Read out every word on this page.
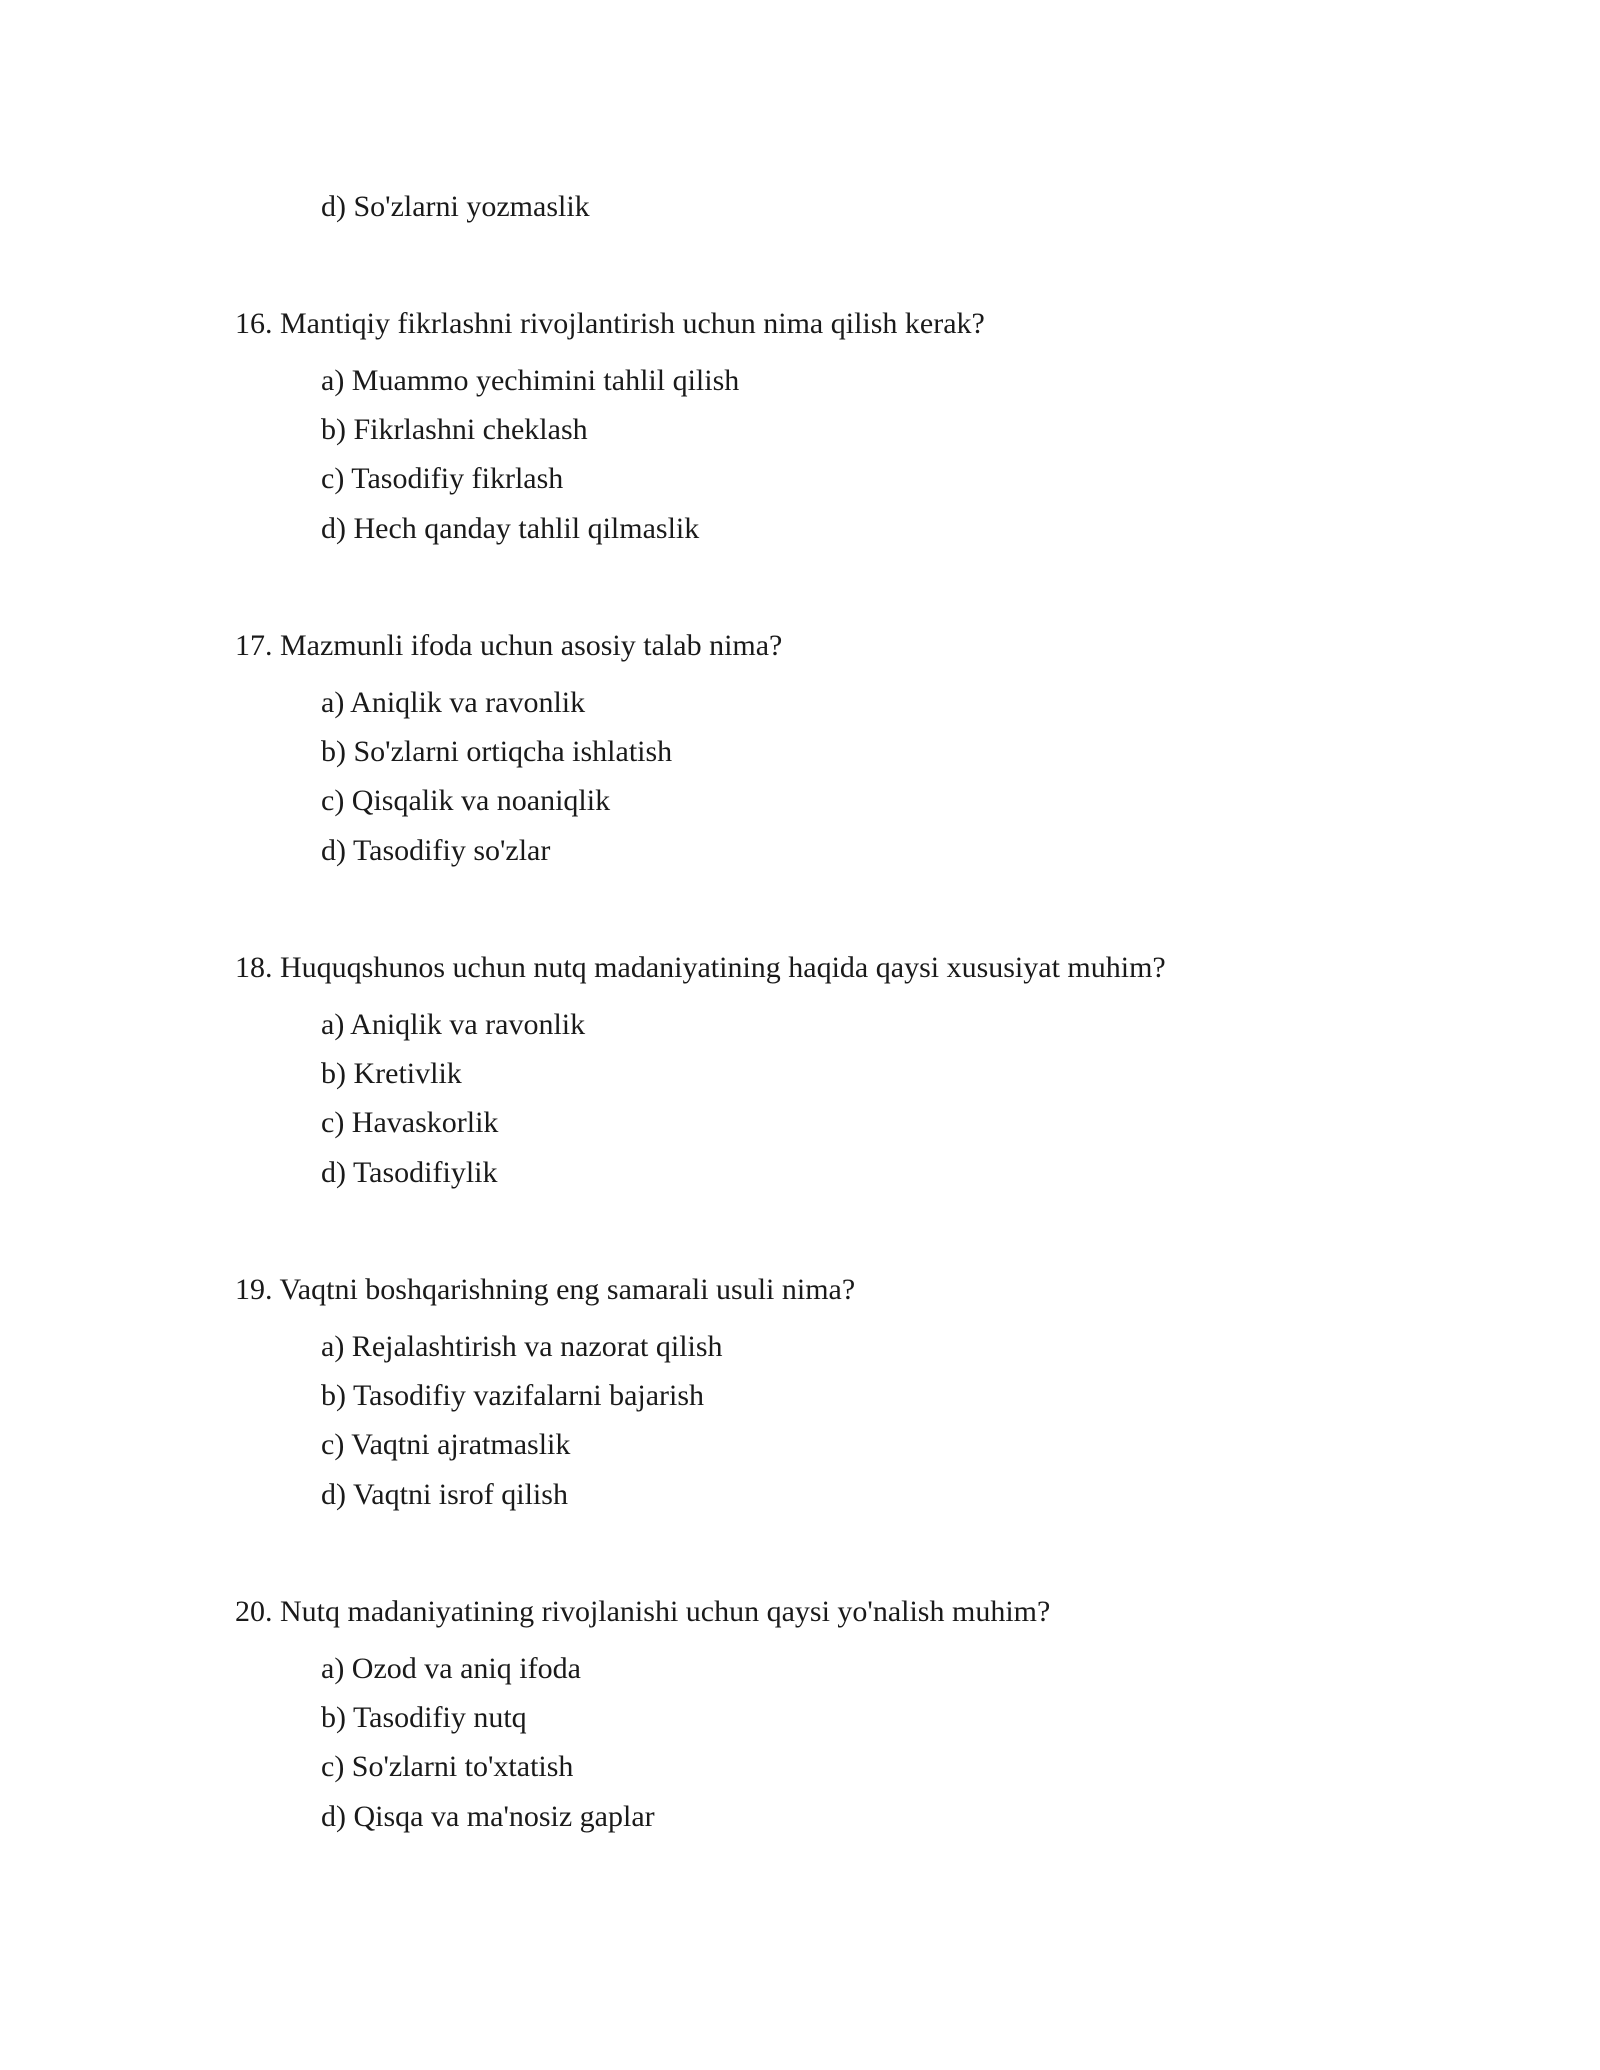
d) So'zlarni yozmaslik
16. Mantiqiy fikrlashni rivojlantirish uchun nima qilish kerak?
a) Muammo yechimini tahlil qilish
b) Fikrlashni cheklash
c) Tasodifiy fikrlash
d) Hech qanday tahlil qilmaslik
17. Mazmunli ifoda uchun asosiy talab nima?
a) Aniqlik va ravonlik
b) So'zlarni ortiqcha ishlatish
c) Qisqalik va noaniqlik
d) Tasodifiy so'zlar
18. Huquqshunos uchun nutq madaniyatining haqida qaysi xususiyat muhim?
a) Aniqlik va ravonlik
b) Kretivlik
c) Havaskorlik
d) Tasodifiylik
19. Vaqtni boshqarishning eng samarali usuli nima?
a) Rejalashtirish va nazorat qilish
b) Tasodifiy vazifalarni bajarish
c) Vaqtni ajratmaslik
d) Vaqtni isrof qilish
20. Nutq madaniyatining rivojlanishi uchun qaysi yo'nalish muhim?
a) Ozod va aniq ifoda
b) Tasodifiy nutq
c) So'zlarni to'xtatish
d) Qisqa va ma'nosiz gaplar
